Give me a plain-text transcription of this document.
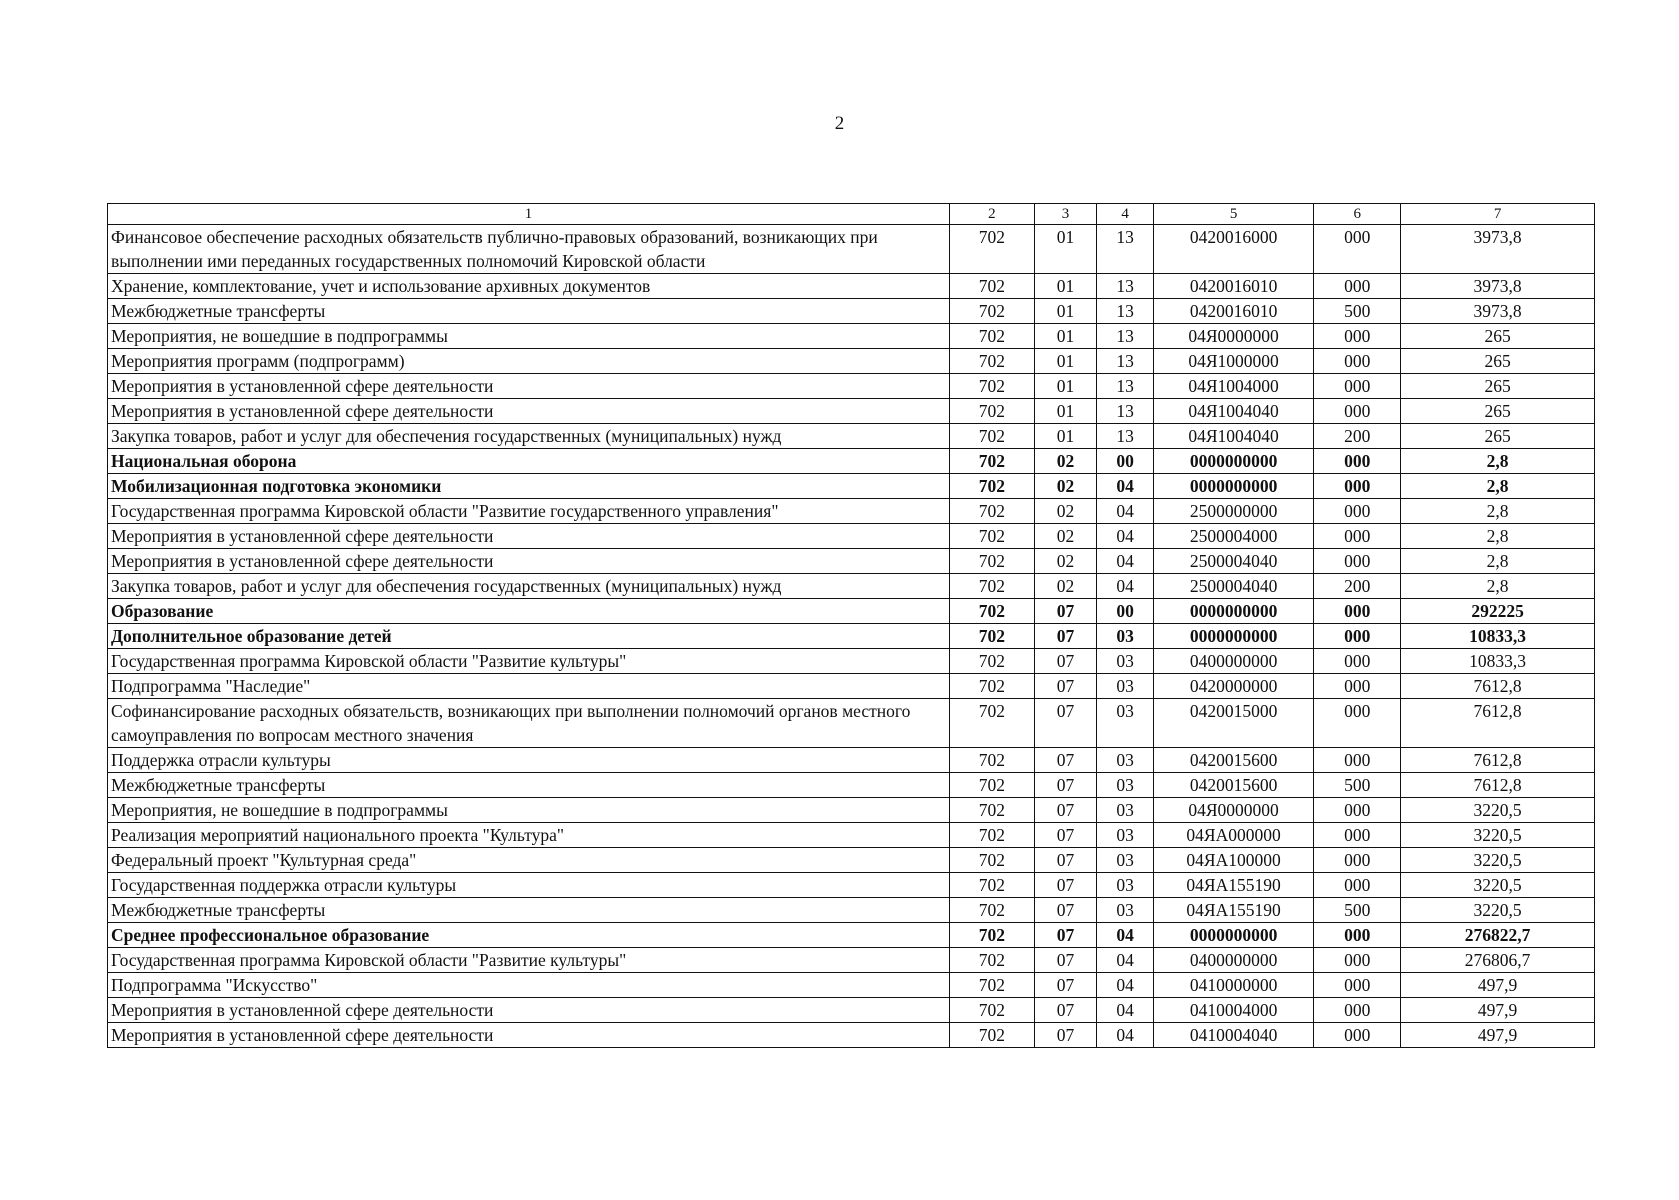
2
1	2	3	4	5	6	7
Финансовое обеспечение расходных обязательств публично-правовых образований, возникающих при выполнении ими переданных государственных полномочий Кировской области	702	01	13	0420016000	000	3973,8
Хранение, комплектование, учет и использование архивных документов	702	01	13	0420016010	000	3973,8
Межбюджетные трансферты	702	01	13	0420016010	500	3973,8
Мероприятия, не вошедшие в подпрограммы	702	01	13	04Я0000000	000	265
Мероприятия программ (подпрограмм)	702	01	13	04Я1000000	000	265
Мероприятия в установленной сфере деятельности	702	01	13	04Я1004000	000	265
Мероприятия в установленной сфере деятельности	702	01	13	04Я1004040	000	265
Закупка товаров, работ и услуг для обеспечения государственных (муниципальных) нужд	702	01	13	04Я1004040	200	265
Национальная оборона	702	02	00	0000000000	000	2,8
Мобилизационная подготовка экономики	702	02	04	0000000000	000	2,8
Государственная программа Кировской области "Развитие государственного управления"	702	02	04	2500000000	000	2,8
Мероприятия в установленной сфере деятельности	702	02	04	2500004000	000	2,8
Мероприятия в установленной сфере деятельности	702	02	04	2500004040	000	2,8
Закупка товаров, работ и услуг для обеспечения государственных (муниципальных) нужд	702	02	04	2500004040	200	2,8
Образование	702	07	00	0000000000	000	292225
Дополнительное образование детей	702	07	03	0000000000	000	10833,3
Государственная программа Кировской области "Развитие культуры"	702	07	03	0400000000	000	10833,3
Подпрограмма "Наследие"	702	07	03	0420000000	000	7612,8
Софинансирование расходных обязательств, возникающих при выполнении полномочий органов местного самоуправления по вопросам местного значения	702	07	03	0420015000	000	7612,8
Поддержка отрасли культуры	702	07	03	0420015600	000	7612,8
Межбюджетные трансферты	702	07	03	0420015600	500	7612,8
Мероприятия, не вошедшие в подпрограммы	702	07	03	04Я0000000	000	3220,5
Реализация мероприятий национального проекта "Культура"	702	07	03	04ЯА000000	000	3220,5
Федеральный проект "Культурная среда"	702	07	03	04ЯА100000	000	3220,5
Государственная поддержка отрасли культуры	702	07	03	04ЯА155190	000	3220,5
Межбюджетные трансферты	702	07	03	04ЯА155190	500	3220,5
Среднее профессиональное образование	702	07	04	0000000000	000	276822,7
Государственная программа Кировской области "Развитие культуры"	702	07	04	0400000000	000	276806,7
Подпрограмма "Искусство"	702	07	04	0410000000	000	497,9
Мероприятия в установленной сфере деятельности	702	07	04	0410004000	000	497,9
Мероприятия в установленной сфере деятельности	702	07	04	0410004040	000	497,9
